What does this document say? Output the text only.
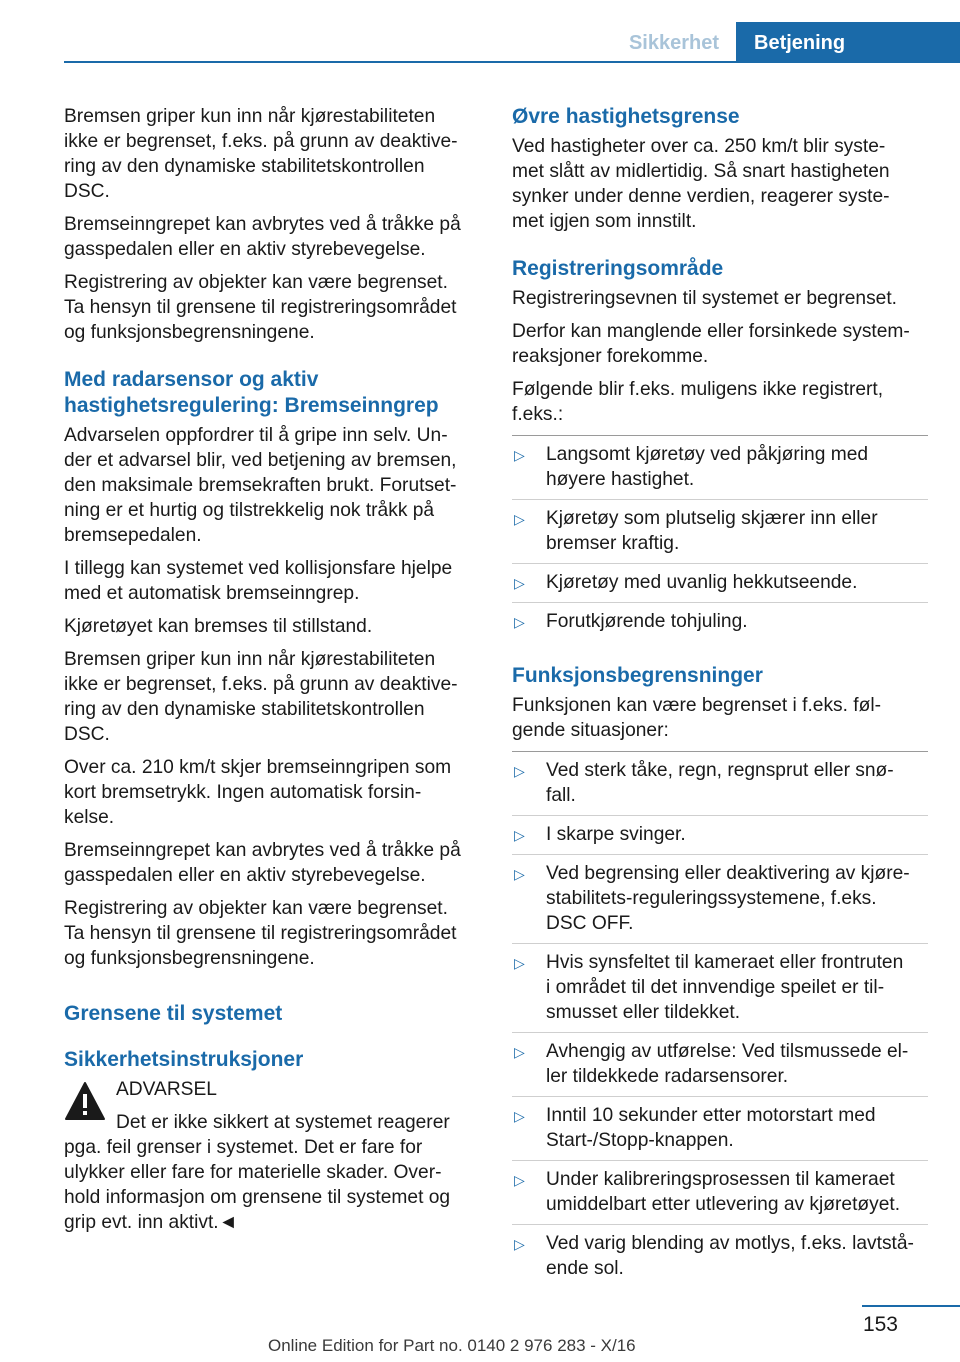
Sikkerhet	Betjening

Bremsen griper kun inn når kjørestabiliteten
ikke er begrenset, f.eks. på grunn av deaktive‐
ring av den dynamiske stabilitetskontrollen
DSC.

Bremseinngrepet kan avbrytes ved å tråkke på
gasspedalen eller en aktiv styrebevegelse.

Registrering av objekter kan være begrenset.
Ta hensyn til grensene til registreringsområdet
og funksjonsbegrensningene.

Med radarsensor og aktiv
hastighetsregulering: Bremseinngrep

Advarselen oppfordrer til å gripe inn selv. Un‐
der et advarsel blir, ved betjening av bremsen,
den maksimale bremsekraften brukt. Forutset‐
ning er et hurtig og tilstrekkelig nok tråkk på
bremsepedalen.

I tillegg kan systemet ved kollisjonsfare hjelpe
med et automatisk bremseinngrep.

Kjøretøyet kan bremses til stillstand.

Bremsen griper kun inn når kjørestabiliteten
ikke er begrenset, f.eks. på grunn av deaktive‐
ring av den dynamiske stabilitetskontrollen
DSC.

Over ca. 210 km/t skjer bremseinngripen som
kort bremsetrykk. Ingen automatisk forsin‐
kelse.

Bremseinngrepet kan avbrytes ved å tråkke på
gasspedalen eller en aktiv styrebevegelse.

Registrering av objekter kan være begrenset.
Ta hensyn til grensene til registreringsområdet
og funksjonsbegrensningene.

Grensene til systemet
Sikkerhetsinstruksjoner

ADVARSEL

Det er ikke sikkert at systemet reagerer
pga. feil grenser i systemet. Det er fare for
ulykker eller fare for materielle skader. Over‐
hold informasjon om grensene til systemet og
grip evt. inn aktivt.◄

Øvre hastighetsgrense

Ved hastigheter over ca. 250 km/t blir syste‐
met slått av midlertidig. Så snart hastigheten
synker under denne verdien, reagerer syste‐
met igjen som innstilt.

Registreringsområde

Registreringsevnen til systemet er begrenset.

Derfor kan manglende eller forsinkede system‐
reaksjoner forekomme.

Følgende blir f.eks. muligens ikke registrert,
f.eks.:

▷ Langsomt kjøretøy ved påkjøring med
høyere hastighet.
▷ Kjøretøy som plutselig skjærer inn eller
bremser kraftig.
▷ Kjøretøy med uvanlig hekkutseende.
▷ Forutkjørende tohjuling.
Funksjonsbegrensninger

Funksjonen kan være begrenset i f.eks. føl‐
gende situasjoner:

▷ Ved sterk tåke, regn, regnsprut eller snø‐
fall.
▷ I skarpe svinger.
▷ Ved begrensing eller deaktivering av kjøre‐
stabilitets-reguleringssystemene, f.eks.
DSC OFF.
▷ Hvis synsfeltet til kameraet eller frontruten
i området til det innvendige speilet er til‐
smusset eller tildekket.
▷ Avhengig av utførelse: Ved tilsmussede el‐
ler tildekkede radarsensorer.
▷ Inntil 10 sekunder etter motorstart med
Start-/Stopp-knappen.
▷ Under kalibreringsprosessen til kameraet
umiddelbart etter utlevering av kjøretøyet.
▷ Ved varig blending av motlys, f.eks. lavtstå‐
ende sol.
153
Online Edition for Part no. 0140 2 976 283 - X/16
